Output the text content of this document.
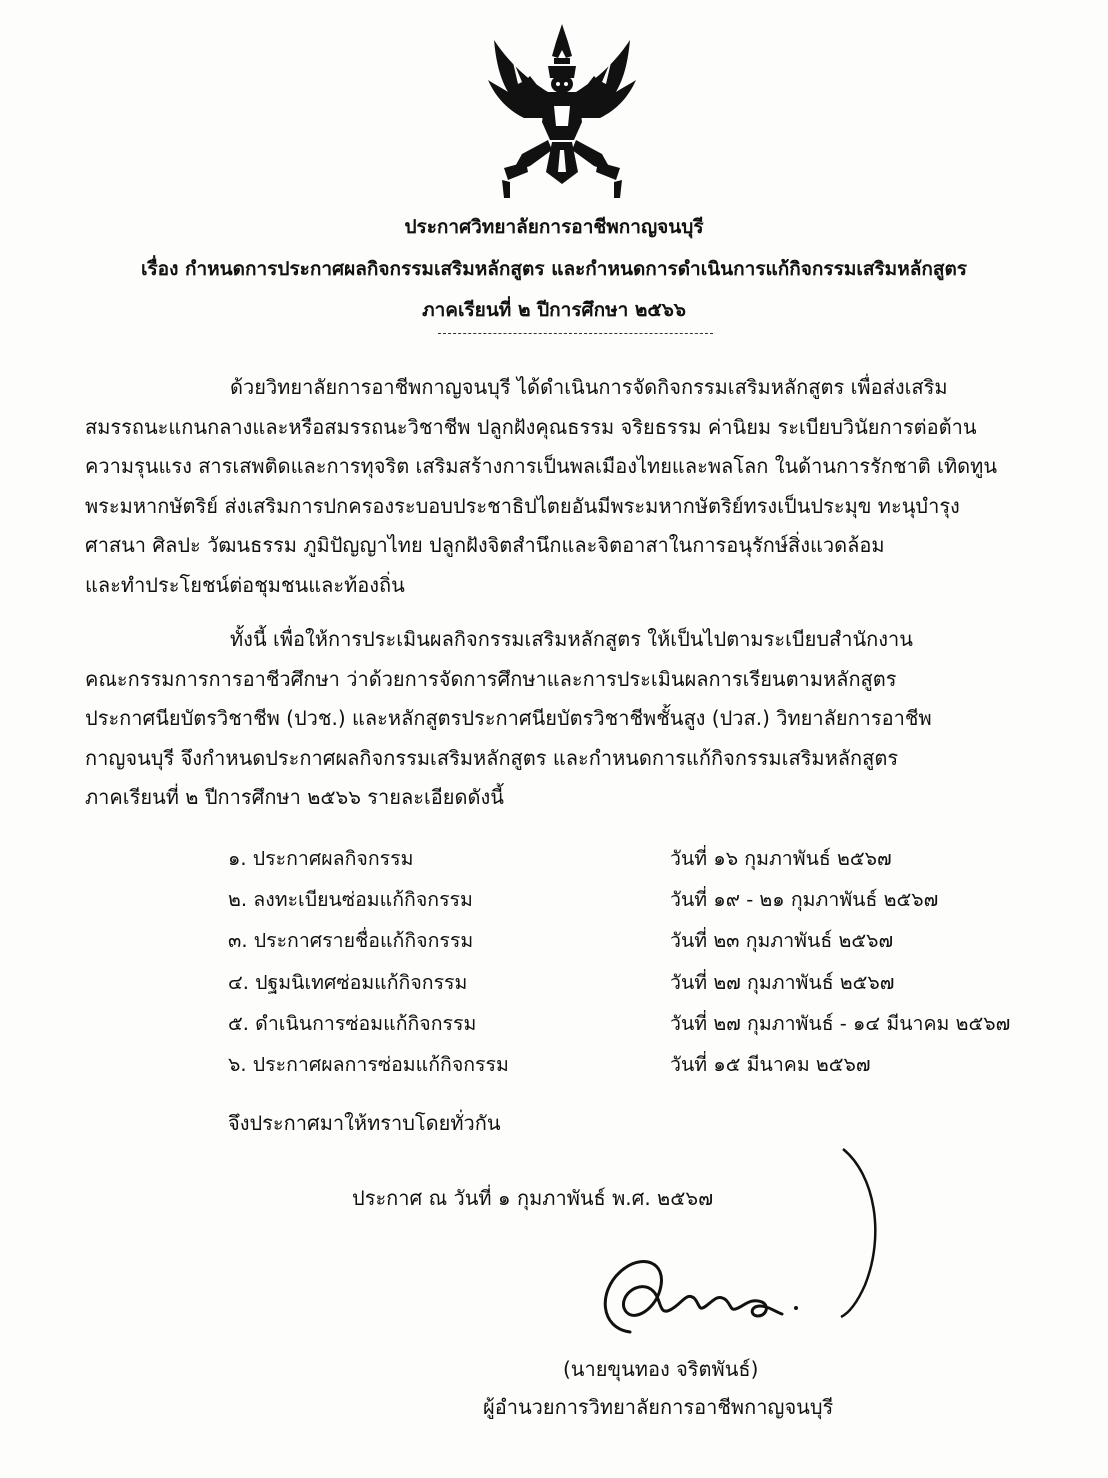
ประกาศวิทยาลัยการอาชีพกาญจนบุรี
เรื่อง กำหนดการประกาศผลกิจกรรมเสริมหลักสูตร และกำหนดการดำเนินการแก้กิจกรรมเสริมหลักสูตร
ภาคเรียนที่ ๒ ปีการศึกษา ๒๕๖๖

ด้วยวิทยาลัยการอาชีพกาญจนบุรี ได้ดำเนินการจัดกิจกรรมเสริมหลักสูตร เพื่อส่งเสริม

สมรรถนะแกนกลางและหรือสมรรถนะวิชาชีพ ปลูกฝังคุณธรรม จริยธรรม ค่านิยม ระเบียบวินัยการต่อต้าน

ความรุนแรง สารเสพติดและการทุจริต เสริมสร้างการเป็นพลเมืองไทยและพลโลก ในด้านการรักชาติ เทิดทูน

พระมหากษัตริย์ ส่งเสริมการปกครองระบอบประชาธิปไตยอันมีพระมหากษัตริย์ทรงเป็นประมุข ทะนุบำรุง

ศาสนา ศิลปะ วัฒนธรรม ภูมิปัญญาไทย ปลูกฝังจิตสำนึกและจิตอาสาในการอนุรักษ์สิ่งแวดล้อม

และทำประโยชน์ต่อชุมชนและท้องถิ่น

ทั้งนี้ เพื่อให้การประเมินผลกิจกรรมเสริมหลักสูตร ให้เป็นไปตามระเบียบสำนักงาน

คณะกรรมการการอาชีวศึกษา ว่าด้วยการจัดการศึกษาและการประเมินผลการเรียนตามหลักสูตร

ประกาศนียบัตรวิชาชีพ (ปวช.) และหลักสูตรประกาศนียบัตรวิชาชีพชั้นสูง (ปวส.) วิทยาลัยการอาชีพ

กาญจนบุรี จึงกำหนดประกาศผลกิจกรรมเสริมหลักสูตร และกำหนดการแก้กิจกรรมเสริมหลักสูตร

ภาคเรียนที่ ๒ ปีการศึกษา ๒๕๖๖ รายละเอียดดังนี้

๑. ประกาศผลกิจกรรม	วันที่ ๑๖ กุมภาพันธ์ ๒๕๖๗
๒. ลงทะเบียนซ่อมแก้กิจกรรม	วันที่ ๑๙ - ๒๑ กุมภาพันธ์ ๒๕๖๗
๓. ประกาศรายชื่อแก้กิจกรรม	วันที่ ๒๓ กุมภาพันธ์ ๒๕๖๗
๔. ปฐมนิเทศซ่อมแก้กิจกรรม	วันที่ ๒๗ กุมภาพันธ์ ๒๕๖๗
๕. ดำเนินการซ่อมแก้กิจกรรม	วันที่ ๒๗ กุมภาพันธ์ - ๑๔ มีนาคม ๒๕๖๗
๖. ประกาศผลการซ่อมแก้กิจกรรม	วันที่ ๑๕ มีนาคม ๒๕๖๗
จึงประกาศมาให้ทราบโดยทั่วกัน
ประกาศ ณ วันที่ ๑ กุมภาพันธ์ พ.ศ. ๒๕๖๗
(นายขุนทอง จริตพันธ์)
ผู้อำนวยการวิทยาลัยการอาชีพกาญจนบุรี
